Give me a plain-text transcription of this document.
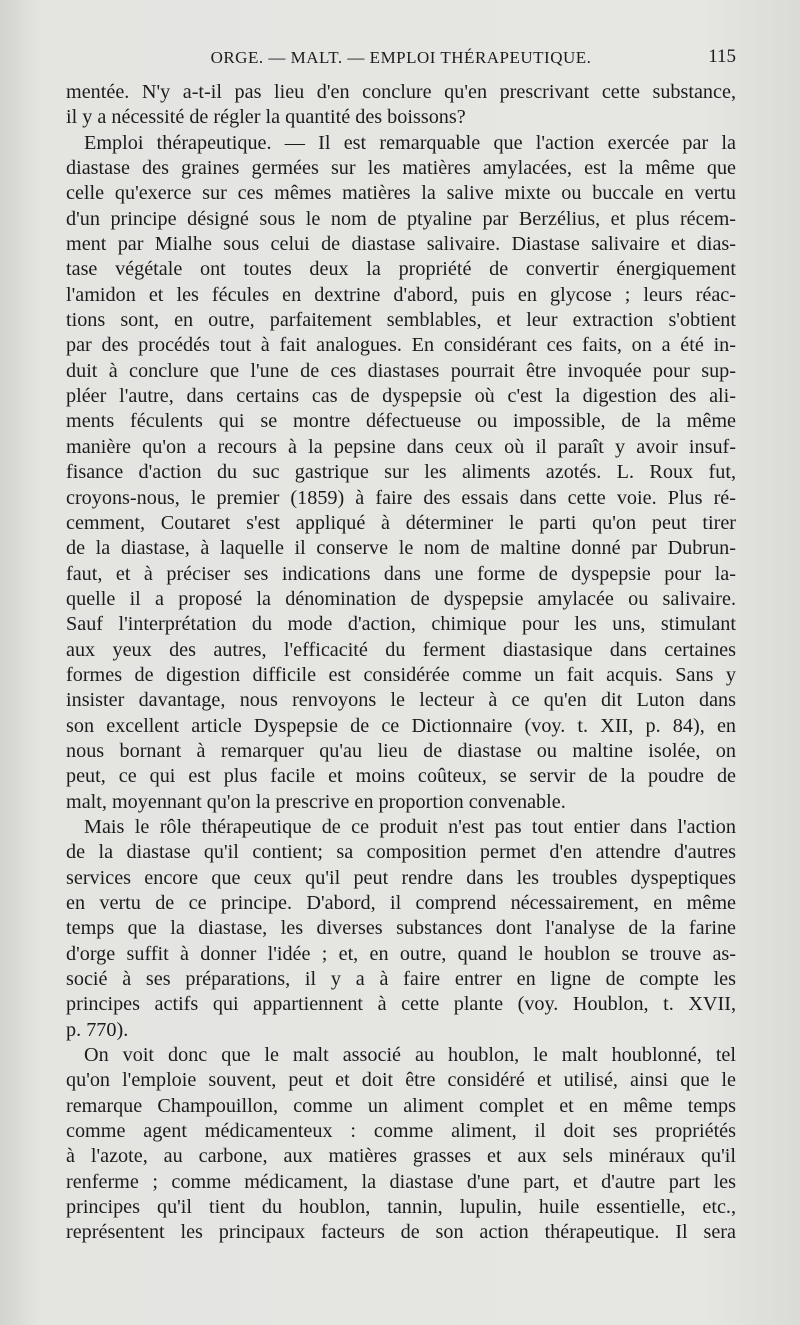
ORGE. — MALT. — EMPLOI THÉRAPEUTIQUE.	115
mentée. N'y a-t-il pas lieu d'en conclure qu'en prescrivant cette substance,
il y a nécessité de régler la quantité des boissons?
Emploi thérapeutique. — Il est remarquable que l'action exercée par la
diastase des graines germées sur les matières amylacées, est la même que
celle qu'exerce sur ces mêmes matières la salive mixte ou buccale en vertu
d'un principe désigné sous le nom de ptyaline par Berzélius, et plus récem-
ment par Mialhe sous celui de diastase salivaire. Diastase salivaire et dias-
tase végétale ont toutes deux la propriété de convertir énergiquement
l'amidon et les fécules en dextrine d'abord, puis en glycose ; leurs réac-
tions sont, en outre, parfaitement semblables, et leur extraction s'obtient
par des procédés tout à fait analogues. En considérant ces faits, on a été in-
duit à conclure que l'une de ces diastases pourrait être invoquée pour sup-
pléer l'autre, dans certains cas de dyspepsie où c'est la digestion des ali-
ments féculents qui se montre défectueuse ou impossible, de la même
manière qu'on a recours à la pepsine dans ceux où il paraît y avoir insuf-
fisance d'action du suc gastrique sur les aliments azotés. L. Roux fut,
croyons-nous, le premier (1859) à faire des essais dans cette voie. Plus ré-
cemment, Coutaret s'est appliqué à déterminer le parti qu'on peut tirer
de la diastase, à laquelle il conserve le nom de maltine donné par Dubrun-
faut, et à préciser ses indications dans une forme de dyspepsie pour la-
quelle il a proposé la dénomination de dyspepsie amylacée ou salivaire.
Sauf l'interprétation du mode d'action, chimique pour les uns, stimulant
aux yeux des autres, l'efficacité du ferment diastasique dans certaines
formes de digestion difficile est considérée comme un fait acquis. Sans y
insister davantage, nous renvoyons le lecteur à ce qu'en dit Luton dans
son excellent article Dyspepsie de ce Dictionnaire (voy. t. XII, p. 84), en
nous bornant à remarquer qu'au lieu de diastase ou maltine isolée, on
peut, ce qui est plus facile et moins coûteux, se servir de la poudre de
malt, moyennant qu'on la prescrive en proportion convenable.
Mais le rôle thérapeutique de ce produit n'est pas tout entier dans l'action
de la diastase qu'il contient; sa composition permet d'en attendre d'autres
services encore que ceux qu'il peut rendre dans les troubles dyspeptiques
en vertu de ce principe. D'abord, il comprend nécessairement, en même
temps que la diastase, les diverses substances dont l'analyse de la farine
d'orge suffit à donner l'idée ; et, en outre, quand le houblon se trouve as-
socié à ses préparations, il y a à faire entrer en ligne de compte les
principes actifs qui appartiennent à cette plante (voy. Houblon, t. XVII,
p. 770).
On voit donc que le malt associé au houblon, le malt houblonné, tel
qu'on l'emploie souvent, peut et doit être considéré et utilisé, ainsi que le
remarque Champouillon, comme un aliment complet et en même temps
comme agent médicamenteux : comme aliment, il doit ses propriétés
à l'azote, au carbone, aux matières grasses et aux sels minéraux qu'il
renferme ; comme médicament, la diastase d'une part, et d'autre part les
principes qu'il tient du houblon, tannin, lupulin, huile essentielle, etc.,
représentent les principaux facteurs de son action thérapeutique. Il sera
